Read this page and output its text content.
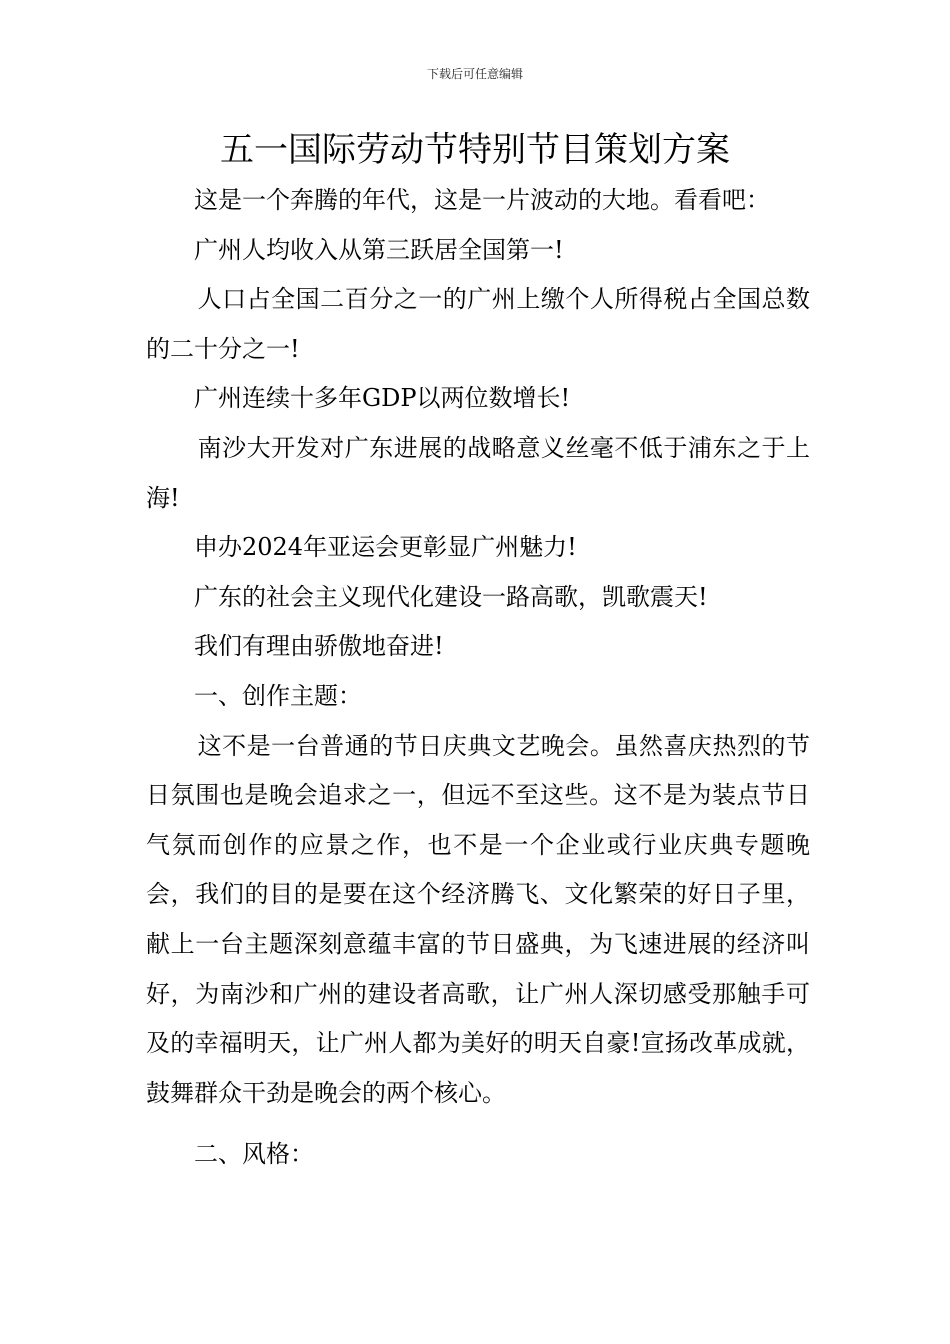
下载后可任意编辑
五一国际劳动节特别节目策划方案

这是一个奔腾的年代，这是一片波动的大地。看看吧：

广州人均收入从第三跃居全国第一!

人口占全国二百分之一的广州上缴个人所得税占全国总数的二十分之一!

广州连续十多年GDP以两位数增长!

南沙大开发对广东进展的战略意义丝毫不低于浦东之于上海!

申办2024年亚运会更彰显广州魅力!

广东的社会主义现代化建设一路高歌，凯歌震天!

我们有理由骄傲地奋进!

一、创作主题：

这不是一台普通的节日庆典文艺晚会。虽然喜庆热烈的节日氛围也是晚会追求之一，但远不至这些。这不是为装点节日气氛而创作的应景之作，也不是一个企业或行业庆典专题晚会，我们的目的是要在这个经济腾飞、文化繁荣的好日子里，献上一台主题深刻意蕴丰富的节日盛典，为飞速进展的经济叫好，为南沙和广州的建设者高歌，让广州人深切感受那触手可及的幸福明天，让广州人都为美好的明天自豪!宣扬改革成就，鼓舞群众干劲是晚会的两个核心。

二、风格：
